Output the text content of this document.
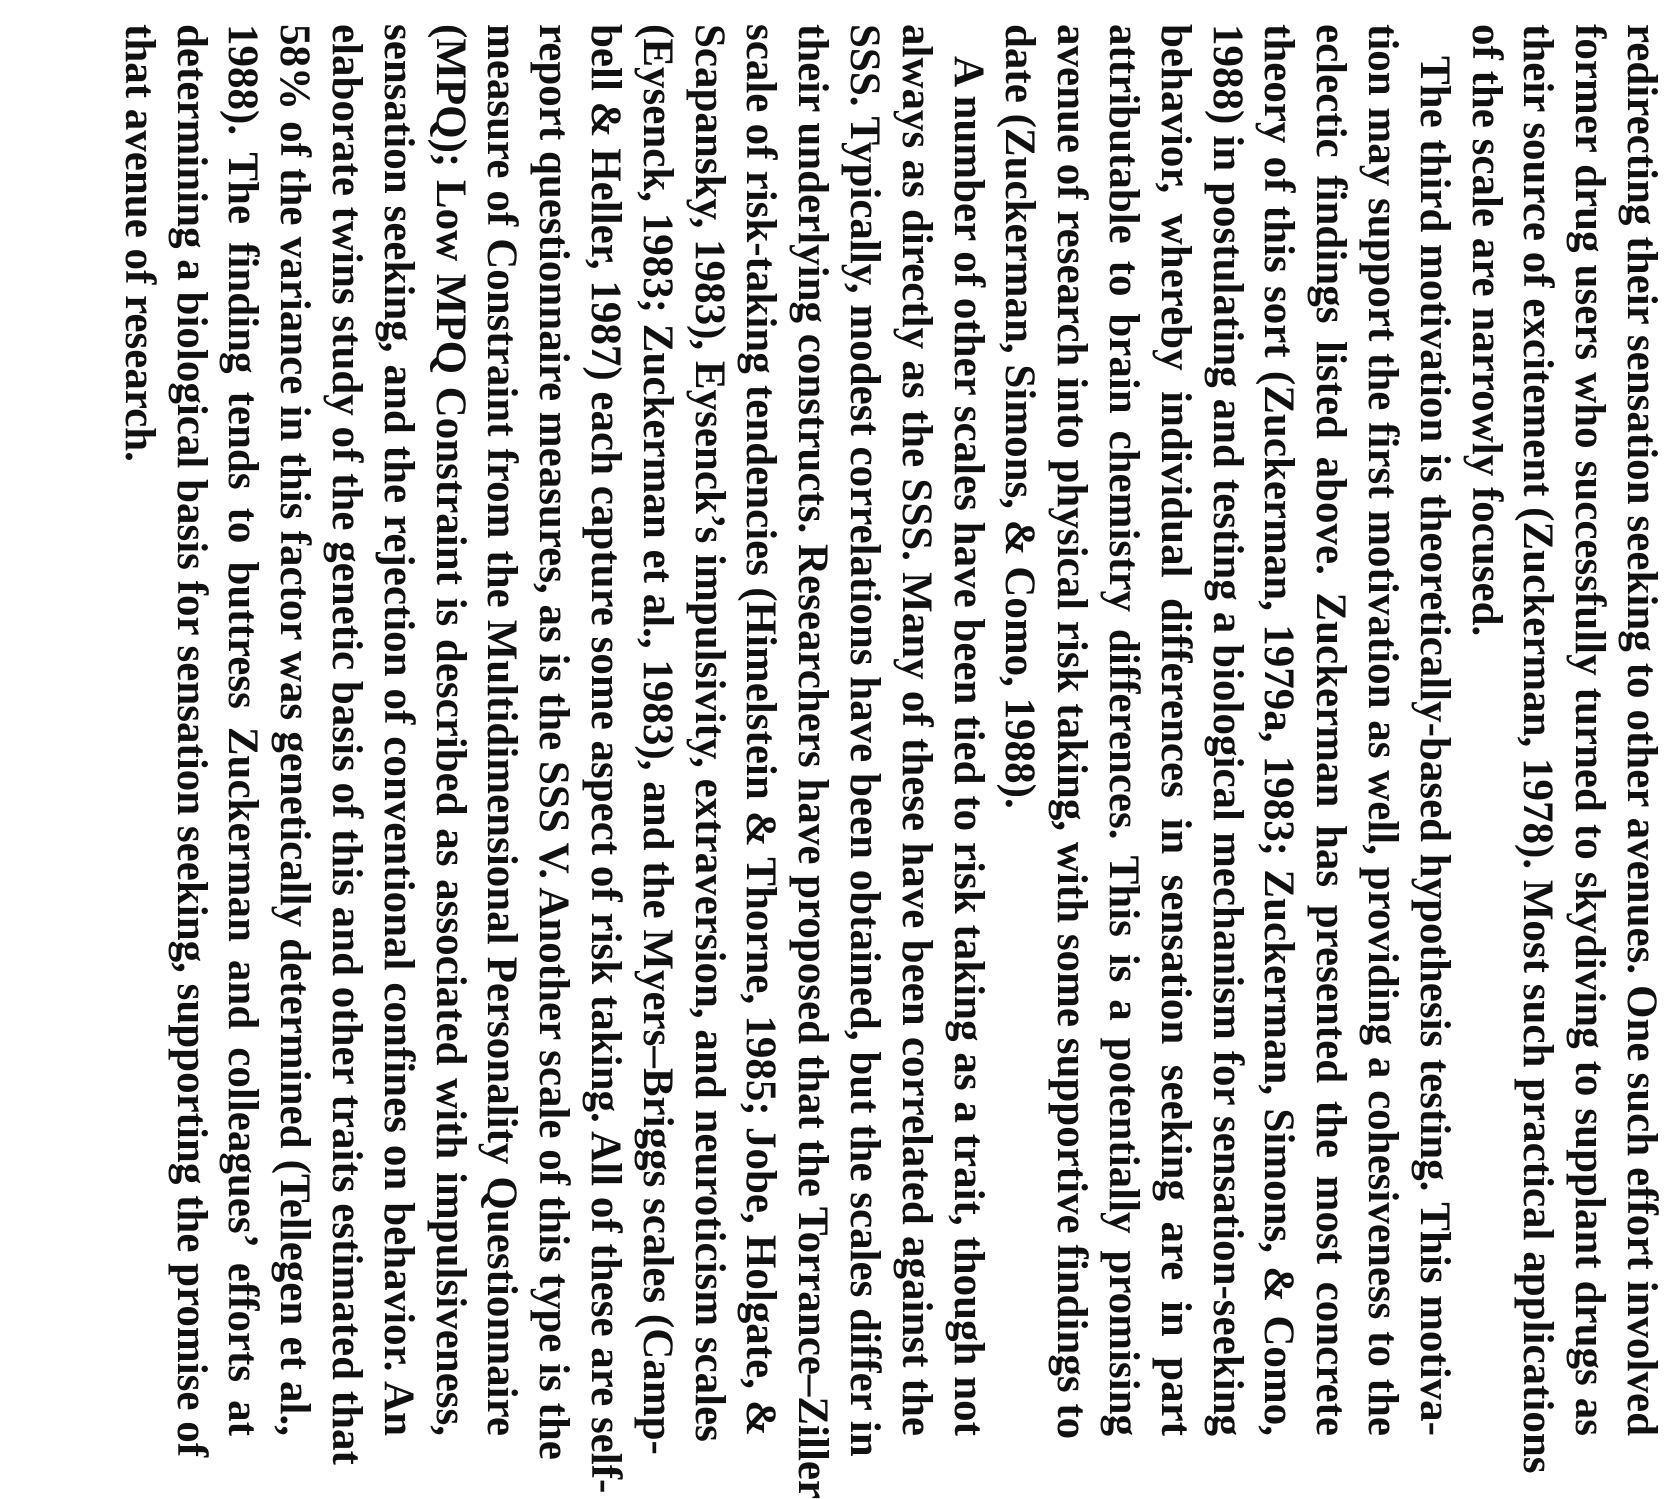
redirecting their sensation seeking to other avenues. One such effort involved
former drug users who successfully turned to skydiving to supplant drugs as
their source of excitement (Zuckerman, 1978). Most such practical applications
of the scale are narrowly focused.
The third motivation is theoretically-based hypothesis testing. This motiva-
tion may support the first motivation as well, providing a cohesiveness to the
eclectic findings listed above. Zuckerman has presented the most concrete
theory of this sort (Zuckerman, 1979a, 1983; Zuckerman, Simons, & Como,
1988) in postulating and testing a biological mechanism for sensation-seeking
behavior, whereby individual differences in sensation seeking are in part
attributable to brain chemistry differences. This is a potentially promising
avenue of research into physical risk taking, with some supportive findings to
date (Zuckerman, Simons, & Como, 1988).
A number of other scales have been tied to risk taking as a trait, though not
always as directly as the SSS. Many of these have been correlated against the
SSS. Typically, modest correlations have been obtained, but the scales differ in
their underlying constructs. Researchers have proposed that the Torrance–Ziller
scale of risk-taking tendencies (Himelstein & Thorne, 1985; Jobe, Holgate, &
Scapansky, 1983), Eysenck’s impulsivity, extraversion, and neuroticism scales
(Eysenck, 1983; Zuckerman et al., 1983), and the Myers–Briggs scales (Camp-
bell & Heller, 1987) each capture some aspect of risk taking. All of these are self-
report questionnaire measures, as is the SSS V. Another scale of this type is the
measure of Constraint from the Multidimensional Personality Questionnaire
(MPQ); Low MPQ Constraint is described as associated with impulsiveness,
sensation seeking, and the rejection of conventional confines on behavior. An
elaborate twins study of the genetic basis of this and other traits estimated that
58% of the variance in this factor was genetically determined (Tellegen et al.,
1988). The finding tends to buttress Zuckerman and colleagues’ efforts at
determining a biological basis for sensation seeking, supporting the promise of
that avenue of research.
